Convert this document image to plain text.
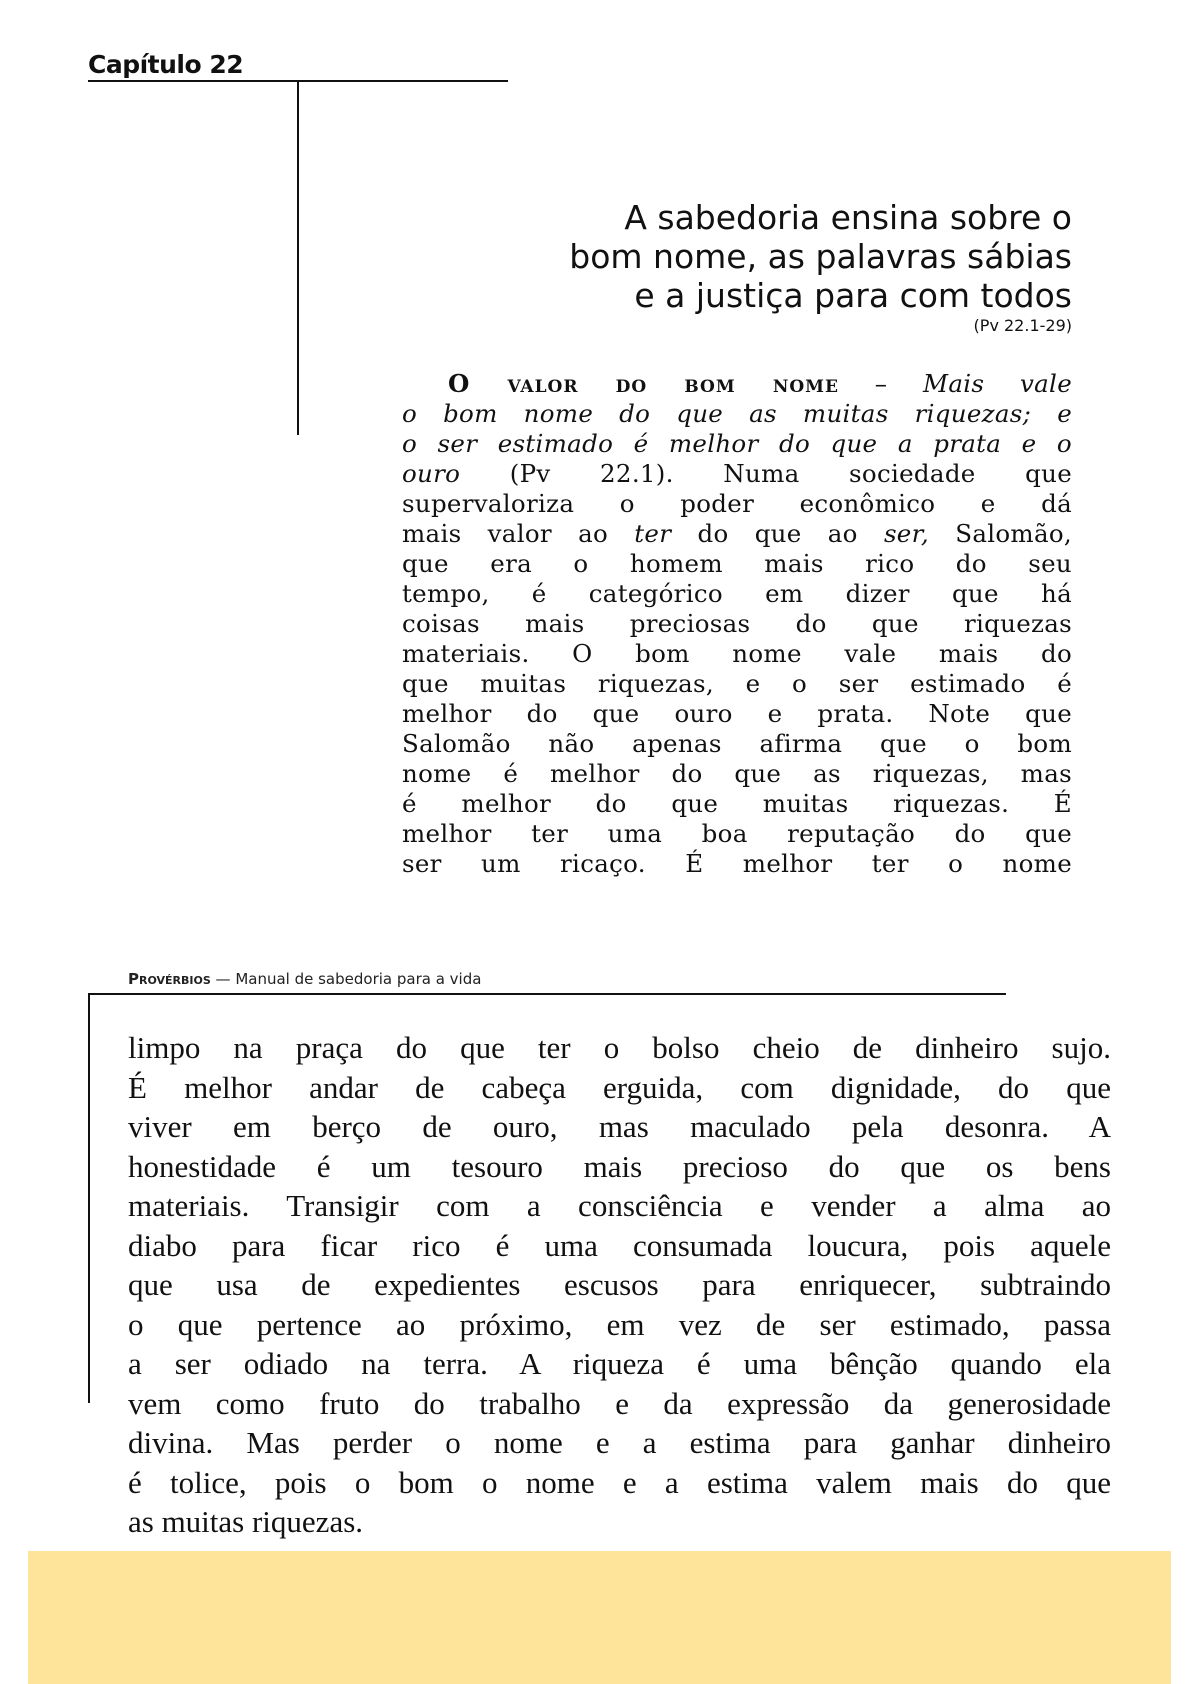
Capítulo 22
A sabedoria ensina sobre o
bom nome, as palavras sábias
e a justiça para com todos
(Pv 22.1-29)
O valor do bom nome – Mais vale
o bom nome do que as muitas riquezas; e
o ser estimado é melhor do que a prata e o
ouro (Pv 22.1). Numa sociedade que
supervaloriza o poder econômico e dá
mais valor ao ter do que ao ser, Salomão,
que era o homem mais rico do seu
tempo, é categórico em dizer que há
coisas mais preciosas do que riquezas
materiais. O bom nome vale mais do
que muitas riquezas, e o ser estimado é
melhor do que ouro e prata. Note que
Salomão não apenas afirma que o bom
nome é melhor do que as riquezas, mas
é melhor do que muitas riquezas. É
melhor ter uma boa reputação do que
ser um ricaço. É melhor ter o nome
Provérbios — Manual de sabedoria para a vida
limpo na praça do que ter o bolso cheio de dinheiro sujo.
É melhor andar de cabeça erguida, com dignidade, do que
viver em berço de ouro, mas maculado pela desonra. A
honestidade é um tesouro mais precioso do que os bens
materiais. Transigir com a consciência e vender a alma ao
diabo para ficar rico é uma consumada loucura, pois aquele
que usa de expedientes escusos para enriquecer, subtraindo
o que pertence ao próximo, em vez de ser estimado, passa
a ser odiado na terra. A riqueza é uma bênção quando ela
vem como fruto do trabalho e da expressão da generosidade
divina. Mas perder o nome e a estima para ganhar dinheiro
é tolice, pois o bom o nome e a estima valem mais do que
as muitas riquezas.
